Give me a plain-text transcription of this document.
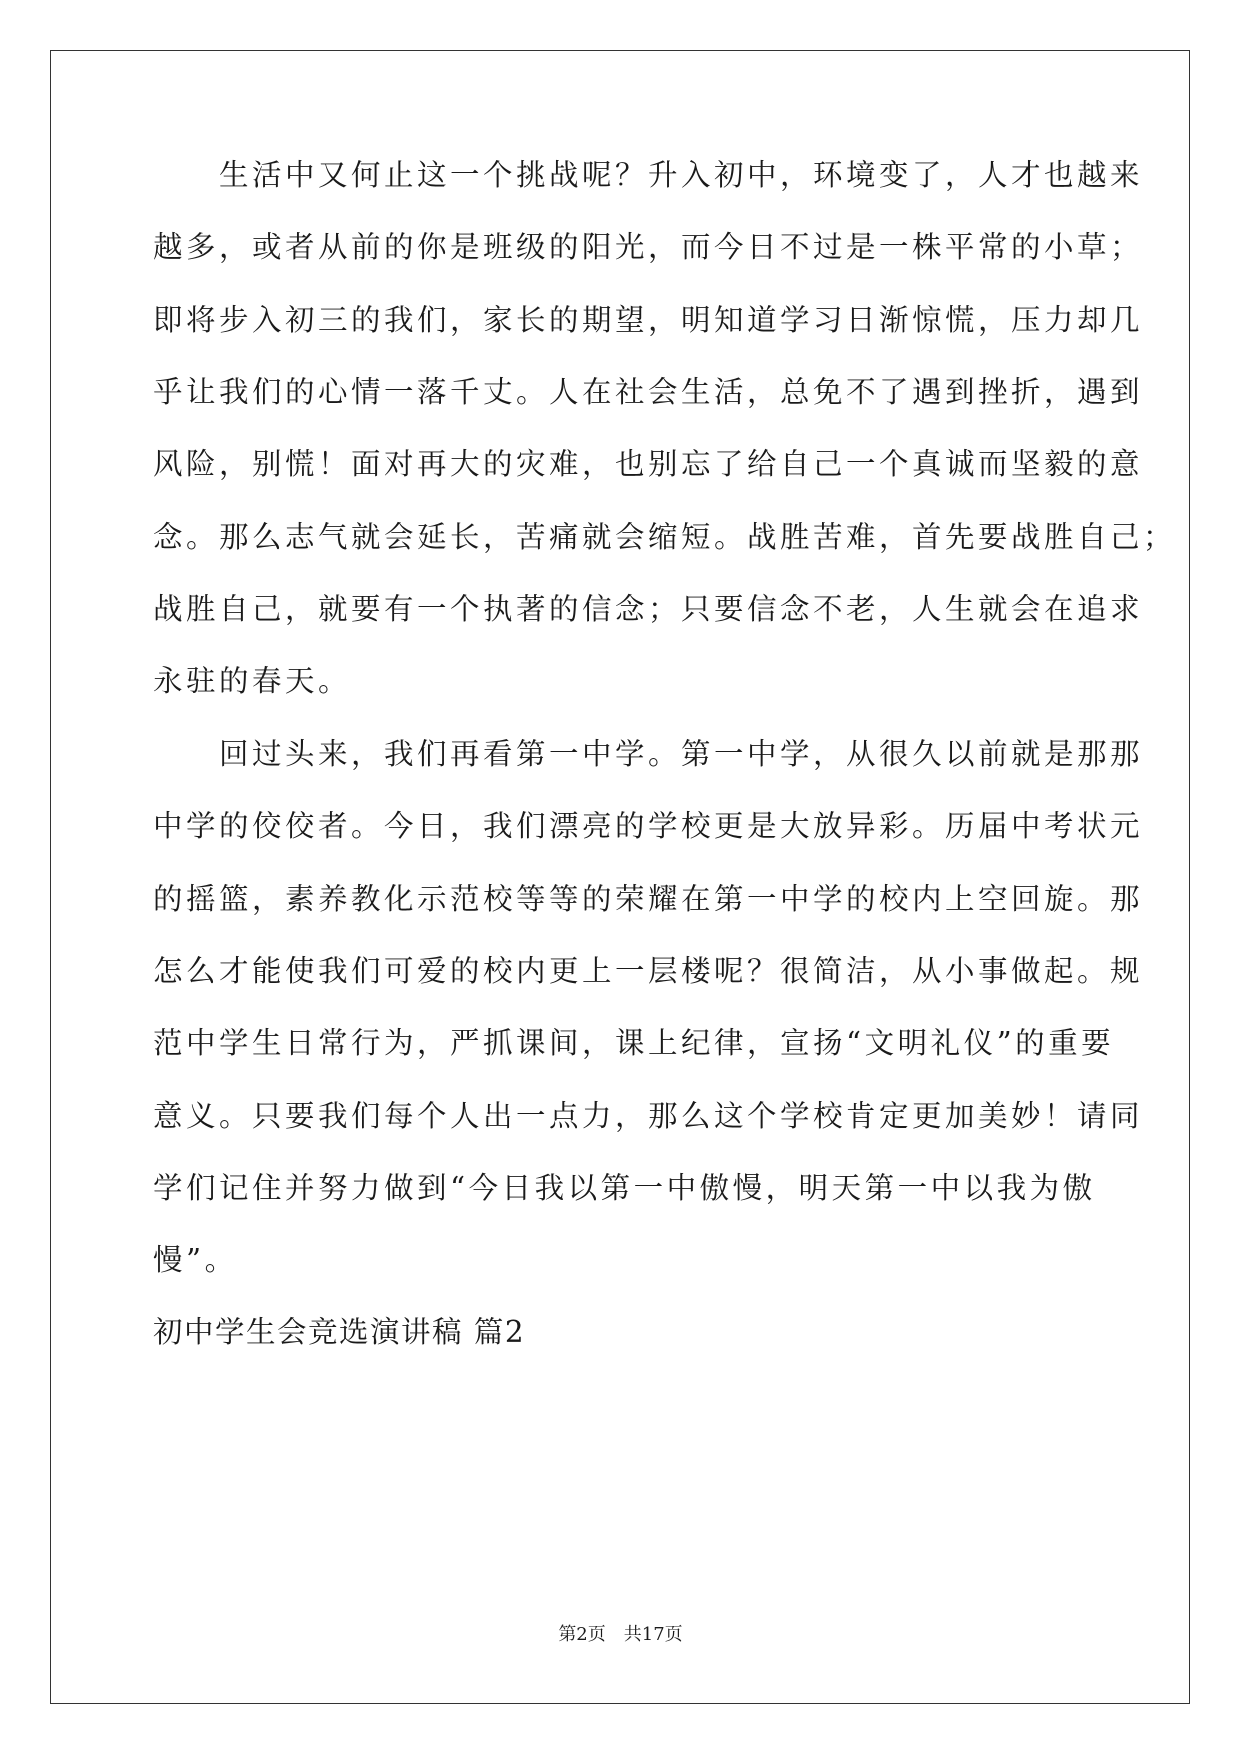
　　生活中又何止这一个挑战呢？升入初中，环境变了，人才也越来
越多，或者从前的你是班级的阳光，而今日不过是一株平常的小草；
即将步入初三的我们，家长的期望，明知道学习日渐惊慌，压力却几
乎让我们的心情一落千丈。人在社会生活，总免不了遇到挫折，遇到
风险，别慌！面对再大的灾难，也别忘了给自己一个真诚而坚毅的意
念。那么志气就会延长，苦痛就会缩短。战胜苦难，首先要战胜自己；
战胜自己，就要有一个执著的信念；只要信念不老，人生就会在追求
永驻的春天。
　　回过头来，我们再看第一中学。第一中学，从很久以前就是那那
中学的佼佼者。今日，我们漂亮的学校更是大放异彩。历届中考状元
的摇篮，素养教化示范校等等的荣耀在第一中学的校内上空回旋。那
怎么才能使我们可爱的校内更上一层楼呢？很简洁，从小事做起。规
范中学生日常行为，严抓课间，课上纪律，宣扬“文明礼仪”的重要
意义。只要我们每个人出一点力，那么这个学校肯定更加美妙！请同
学们记住并努力做到“今日我以第一中傲慢，明天第一中以我为傲
慢”。
初中学生会竞选演讲稿 篇2
第2页　共17页
